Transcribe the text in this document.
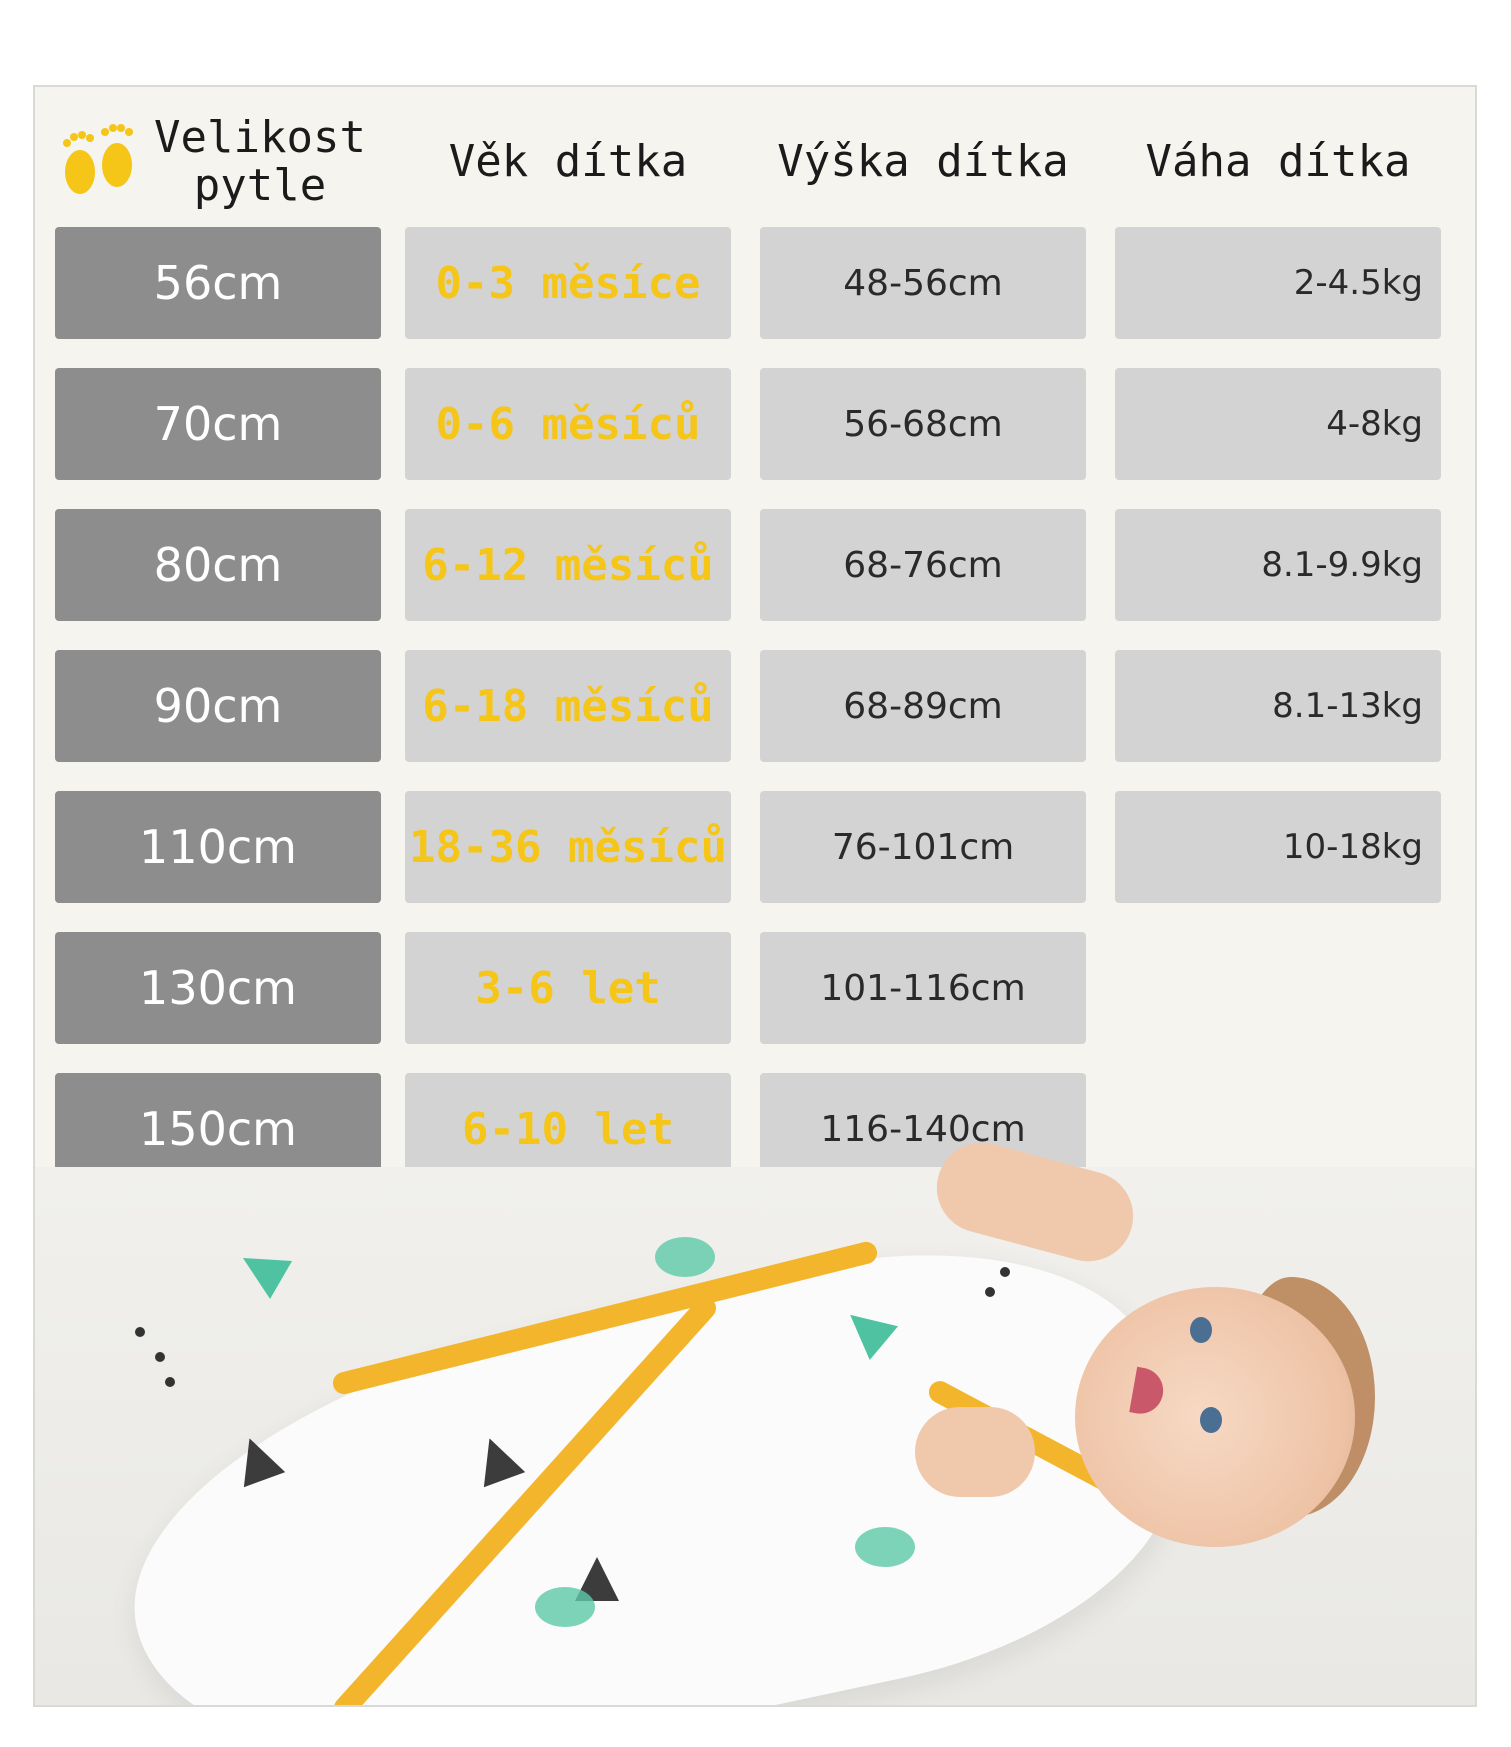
Velikost
pytle	Věk dítka	Výška dítka	Váha dítka
56cm	0-3 měsíce	48-56cm	2-4.5kg
70cm	0-6 měsíců	56-68cm	4-8kg
80cm	6-12 měsíců	68-76cm	8.1-9.9kg
90cm	6-18 měsíců	68-89cm	8.1-13kg
110cm	18-36 měsíců	76-101cm	10-18kg
130cm	3-6 let	101-116cm
150cm	6-10 let	116-140cm
